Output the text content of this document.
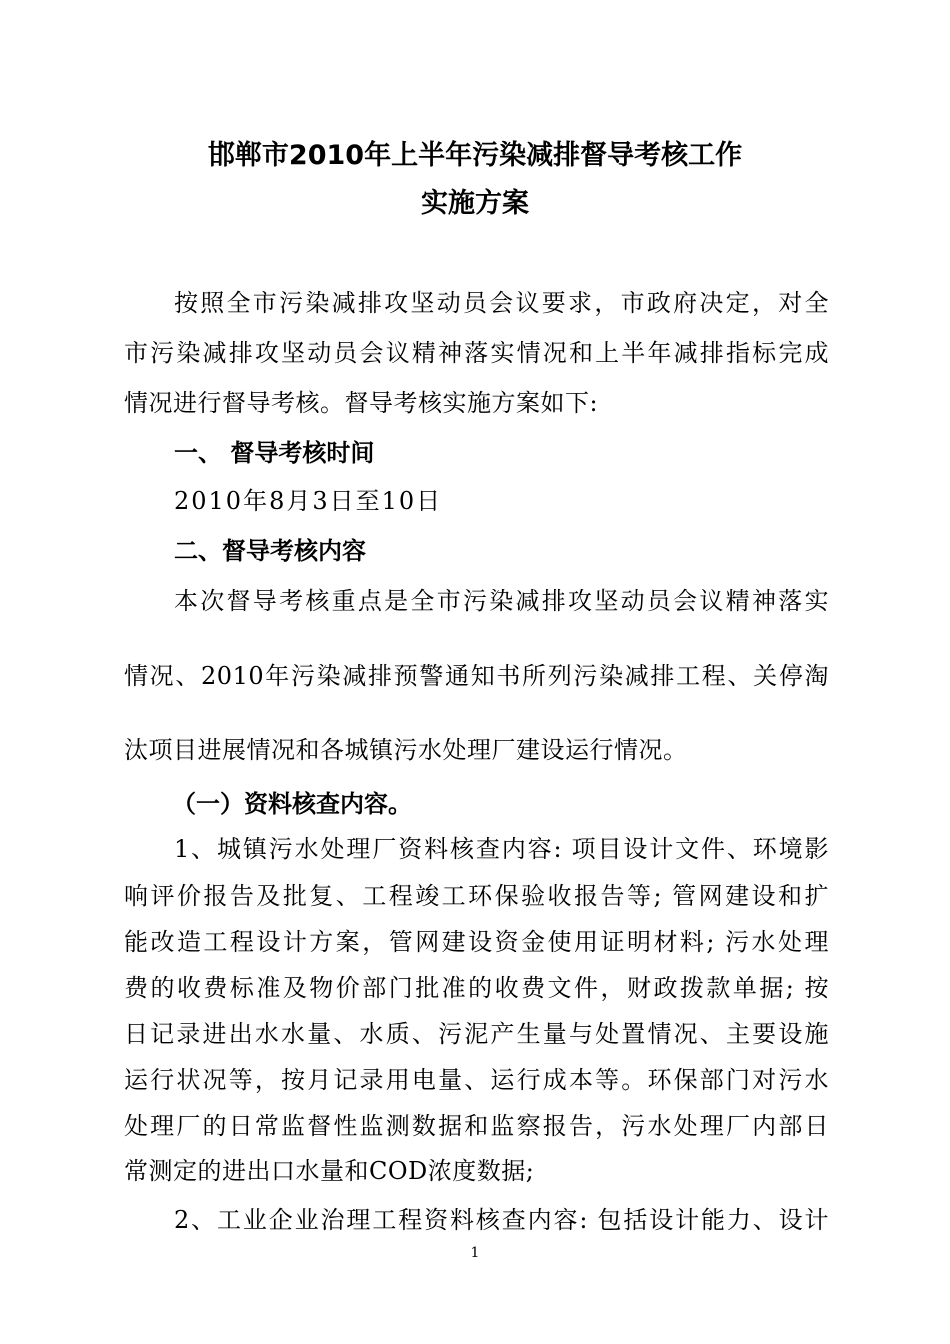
邯郸市2010年上半年污染减排督导考核工作
实施方案
按照全市污染减排攻坚动员会议要求，市政府决定，对全
市污染减排攻坚动员会议精神落实情况和上半年减排指标完成
情况进行督导考核。督导考核实施方案如下:
一、 督导考核时间
2010年8月3日至10日
二、督导考核内容
本次督导考核重点是全市污染减排攻坚动员会议精神落实
情况、2010年污染减排预警通知书所列污染减排工程、关停淘
汰项目进展情况和各城镇污水处理厂建设运行情况。
（一）资料核查内容。
1、城镇污水处理厂资料核查内容: 项目设计文件、环境影
响评价报告及批复、工程竣工环保验收报告等; 管网建设和扩
能改造工程设计方案，管网建设资金使用证明材料; 污水处理
费的收费标准及物价部门批准的收费文件，财政拨款单据; 按
日记录进出水水量、水质、污泥产生量与处置情况、主要设施
运行状况等，按月记录用电量、运行成本等。环保部门对污水
处理厂的日常监督性监测数据和监察报告，污水处理厂内部日
常测定的进出口水量和COD浓度数据;
2、工业企业治理工程资料核查内容: 包括设计能力、设计
1
